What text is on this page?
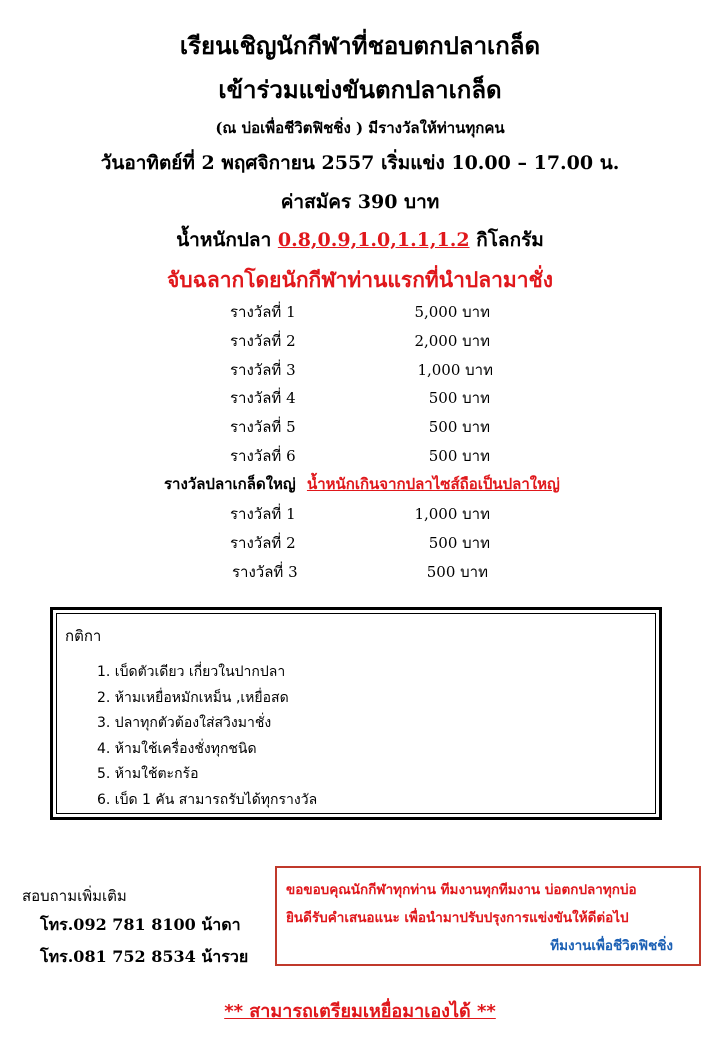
เรียนเชิญนักกีฬาที่ชอบตกปลาเกล็ด
เข้าร่วมแข่งขันตกปลาเกล็ด
(ณ บ่อเพื่อชีวิตฟิชชิ่ง ) มีรางวัลให้ท่านทุกคน
วันอาทิตย์ที่ 2 พฤศจิกายน 2557 เริ่มแข่ง 10.00 – 17.00 น.
ค่าสมัคร 390 บาท
น้ำหนักปลา 0.8,0.9,1.0,1.1,1.2 กิโลกรัม
จับฉลากโดยนักกีฬาท่านแรกที่นำปลามาชั่ง
รางวัลที่ 1	5,000 บาท
รางวัลที่ 2	2,000 บาท
รางวัลที่ 3	1,000 บาท
รางวัลที่ 4	500 บาท
รางวัลที่ 5	500 บาท
รางวัลที่ 6	500 บาท
รางวัลปลาเกล็ดใหญ่ น้ำหนักเกินจากปลาไซส์ถือเป็นปลาใหญ่
รางวัลที่ 1	1,000 บาท
รางวัลที่ 2	500 บาท
รางวัลที่ 3	500 บาท
กติกา
1. เบ็ดตัวเดียว เกี่ยวในปากปลา
2. ห้ามเหยื่อหมักเหม็น ,เหยื่อสด
3. ปลาทุกตัวต้องใส่สวิงมาชั่ง
4. ห้ามใช้เครื่องชั่งทุกชนิด
5. ห้ามใช้ตะกร้อ
6. เบ็ด 1 คัน สามารถรับได้ทุกรางวัล
สอบถามเพิ่มเติม
โทร.092 781 8100 น้าดา
โทร.081 752 8534 น้ารวย
ขอขอบคุณนักกีฬาทุกท่าน ทีมงานทุกทีมงาน บ่อตกปลาทุกบ่อ
ยินดีรับคำเสนอแนะ เพื่อนำมาปรับปรุงการแข่งขันให้ดีต่อไป
ทีมงานเพื่อชีวิตฟิชชิ่ง
** สามารถเตรียมเหยื่อมาเองได้ **
